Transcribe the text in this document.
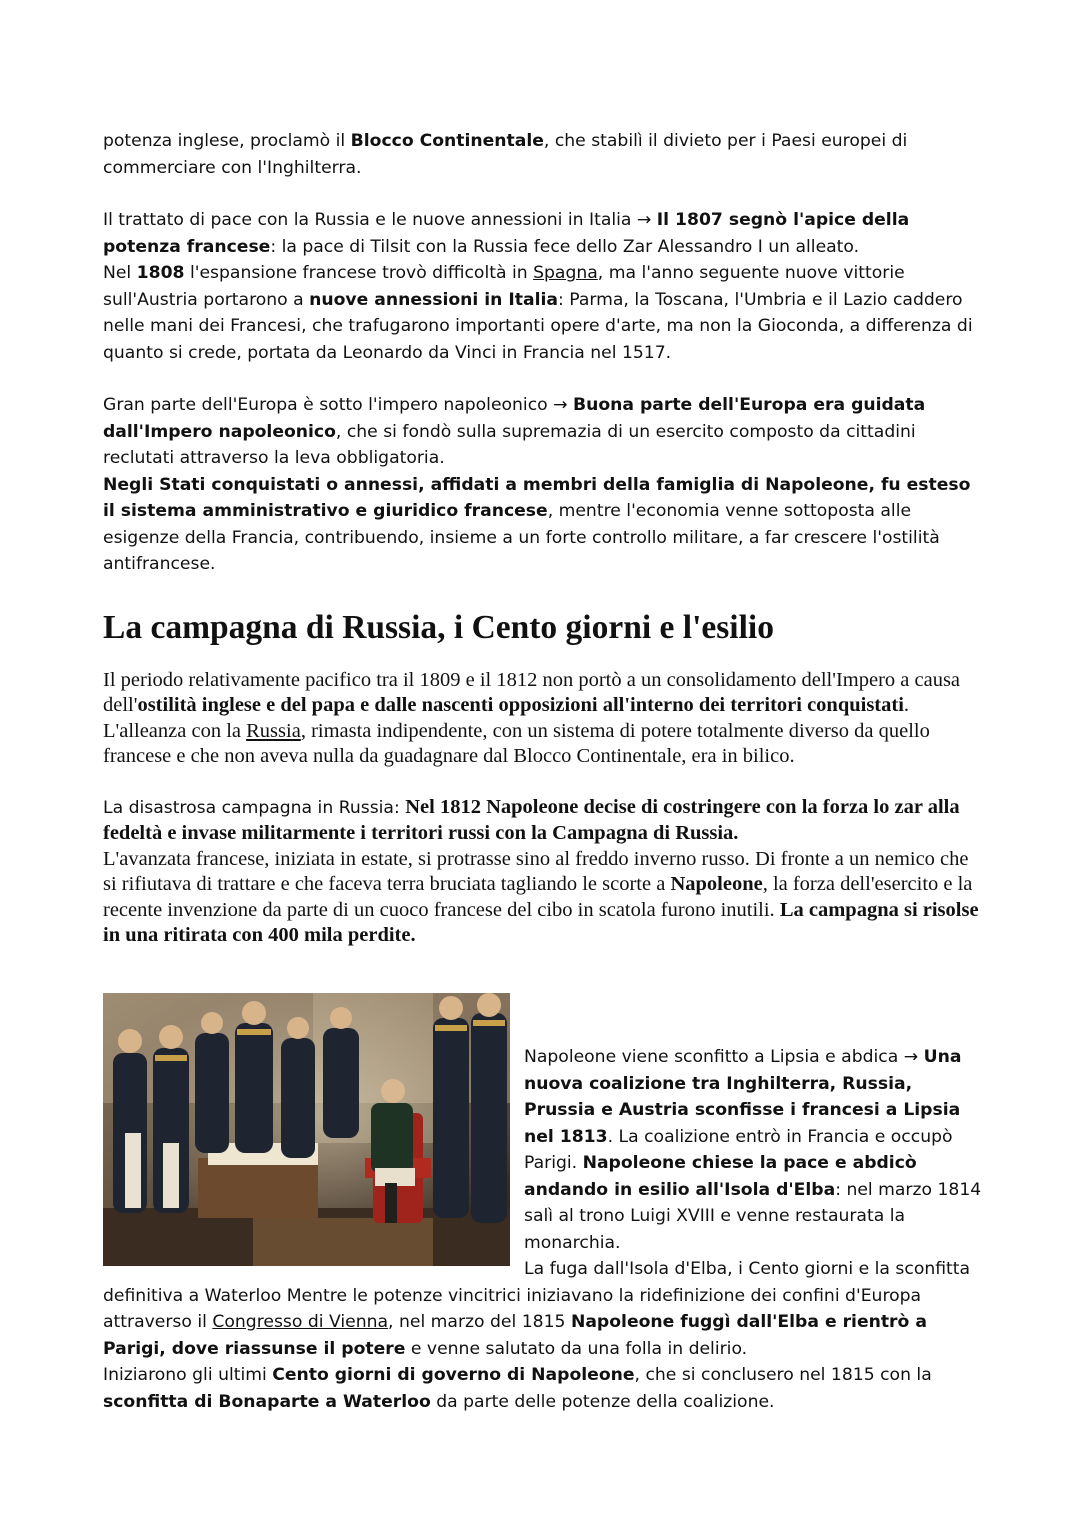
potenza inglese, proclamò il Blocco Continentale, che stabilì il divieto per i Paesi europei di commerciare con l'Inghilterra.

Il trattato di pace con la Russia e le nuove annessioni in Italia → Il 1807 segnò l'apice della potenza francese: la pace di Tilsit con la Russia fece dello Zar Alessandro I un alleato.

Nel 1808 l'espansione francese trovò difficoltà in Spagna, ma l'anno seguente nuove vittorie sull'Austria portarono a nuove annessioni in Italia: Parma, la Toscana, l'Umbria e il Lazio caddero nelle mani dei Francesi, che trafugarono importanti opere d'arte, ma non la Gioconda, a differenza di quanto si crede, portata da Leonardo da Vinci in Francia nel 1517.

Gran parte dell'Europa è sotto l'impero napoleonico → Buona parte dell'Europa era guidata dall'Impero napoleonico, che si fondò sulla supremazia di un esercito composto da cittadini reclutati attraverso la leva obbligatoria.

Negli Stati conquistati o annessi, affidati a membri della famiglia di Napoleone, fu esteso il sistema amministrativo e giuridico francese, mentre l'economia venne sottoposta alle esigenze della Francia, contribuendo, insieme a un forte controllo militare, a far crescere l'ostilità antifrancese.

La campagna di Russia, i Cento giorni e l'esilio

Il periodo relativamente pacifico tra il 1809 e il 1812 non portò a un consolidamento dell'Impero a causa dell'ostilità inglese e del papa e dalle nascenti opposizioni all'interno dei territori conquistati. L'alleanza con la Russia, rimasta indipendente, con un sistema di potere totalmente diverso da quello francese e che non aveva nulla da guadagnare dal Blocco Continentale, era in bilico.

La disastrosa campagna in Russia: Nel 1812 Napoleone decise di costringere con la forza lo zar alla fedeltà e invase militarmente i territori russi con la Campagna di Russia.

L'avanzata francese, iniziata in estate, si protrasse sino al freddo inverno russo. Di fronte a un nemico che si rifiutava di trattare e che faceva terra bruciata tagliando le scorte a Napoleone, la forza dell'esercito e la recente invenzione da parte di un cuoco francese del cibo in scatola furono inutili. La campagna si risolse in una ritirata con 400 mila perdite.

Napoleone viene sconfitto a Lipsia e abdica → Una nuova coalizione tra Inghilterra, Russia, Prussia e Austria sconfisse i francesi a Lipsia nel 1813. La coalizione entrò in Francia e occupò Parigi. Napoleone chiese la pace e abdicò andando in esilio all'Isola d'Elba: nel marzo 1814 salì al trono Luigi XVIII e venne restaurata la monarchia.

La fuga dall'Isola d'Elba, i Cento giorni e la sconfitta definitiva a Waterloo Mentre le potenze vincitrici iniziavano la ridefinizione dei confini d'Europa attraverso il Congresso di Vienna, nel marzo del 1815 Napoleone fuggì dall'Elba e rientrò a Parigi, dove riassunse il potere e venne salutato da una folla in delirio.

Iniziarono gli ultimi Cento giorni di governo di Napoleone, che si conclusero nel 1815 con la sconfitta di Bonaparte a Waterloo da parte delle potenze della coalizione.
